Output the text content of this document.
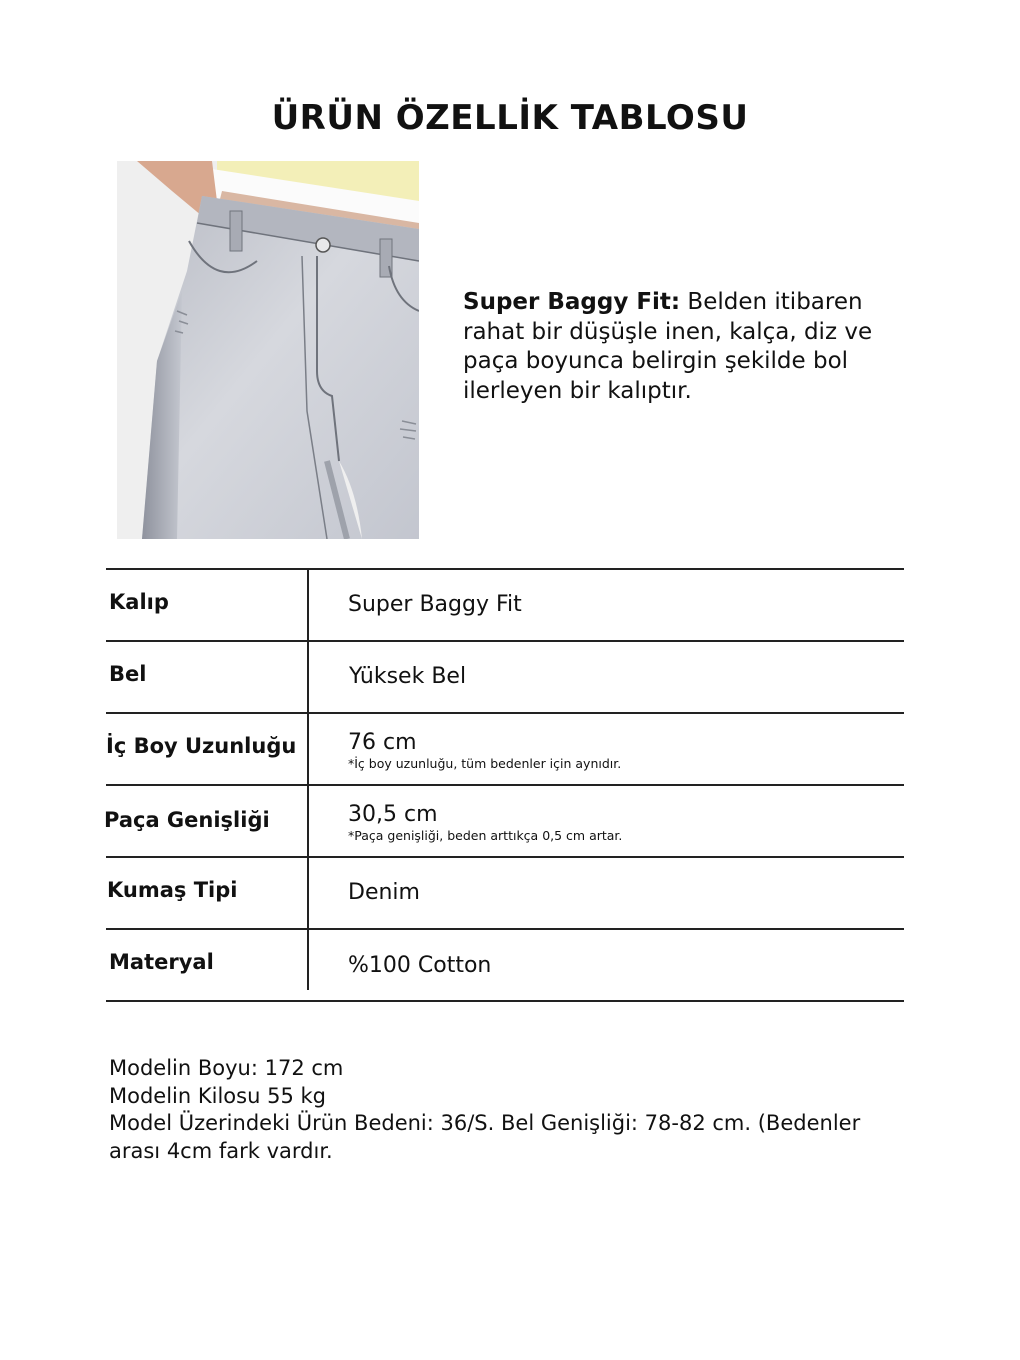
ÜRÜN ÖZELLİK TABLOSU
Super Baggy Fit: Belden itibaren rahat bir düşüşle inen, kalça, diz ve paça boyunca belirgin şekilde bol ilerleyen bir kalıptır.
Kalıp	Super Baggy Fit
Bel	Yüksek Bel
İç Boy Uzunluğu 76 cm
*İç boy uzunluğu, tüm bedenler için aynıdır.
Paça Genişliği	30,5 cm
*Paça genişliği, beden arttıkça 0,5 cm artar.
Kumaş Tipi	Denim
Materyal	%100 Cotton
Modelin Boyu: 172 cm
Modelin Kilosu 55 kg
Model Üzerindeki Ürün Bedeni: 36/S. Bel Genişliği: 78-82 cm. (Bedenler
arası 4cm fark vardır.
